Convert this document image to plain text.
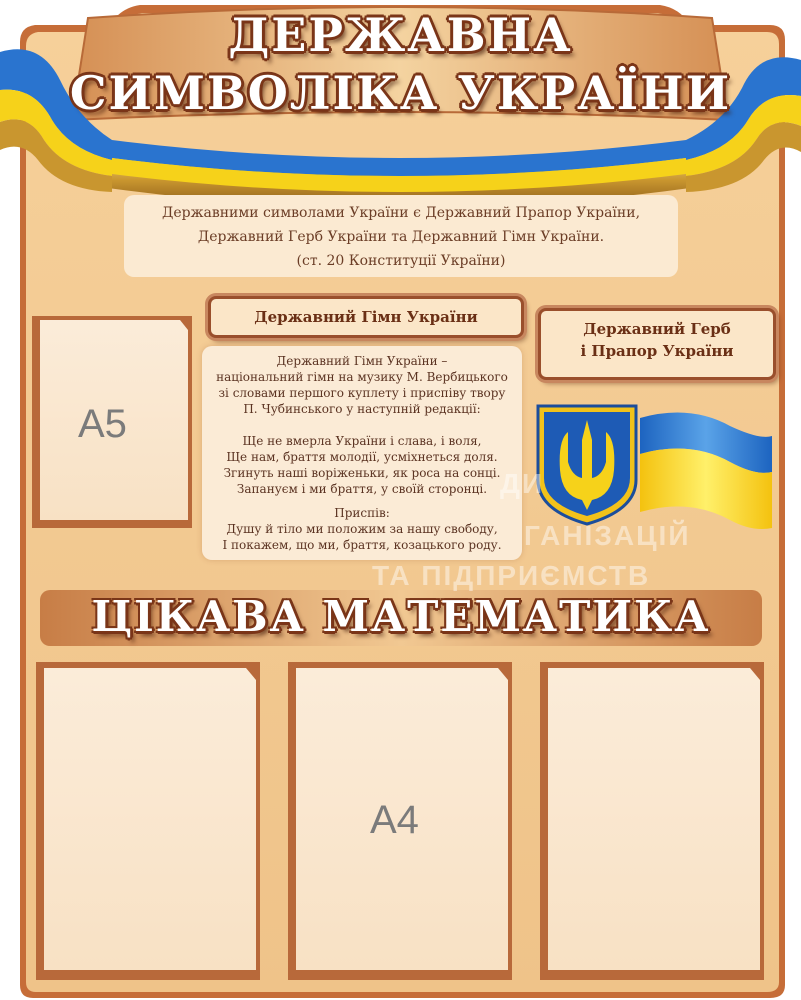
ДЕРЖАВНА
СИМВОЛІКА УКРАЇНИ
Державними символами України є Державний Прапор України,
Державний Герб України та Державний Гімн України.
(ст. 20 Конституції України)
Державний Гімн України
Державний Герб
і Прапор України
Державний Гімн України –
національний гімн на музику М. Вербицького
зі словами першого куплету і приспіву твору
П. Чубинського у наступній редакції:
Ще не вмерла України і слава, і воля,
Ще нам, браття молодії, усміхнеться доля.
Згинуть наші воріженьки, як роса на сонці.
Запануєм і ми браття, у своїй сторонці.
Приспів:
Душу й тіло ми положим за нашу свободу,
І покажем, що ми, браття, козацького роду.
ДИ
ГАНІЗАЦІЙ
ТА ПІДПРИЄМСТВ
А5
А4
ЦІКАВА МАТЕМАТИКА
